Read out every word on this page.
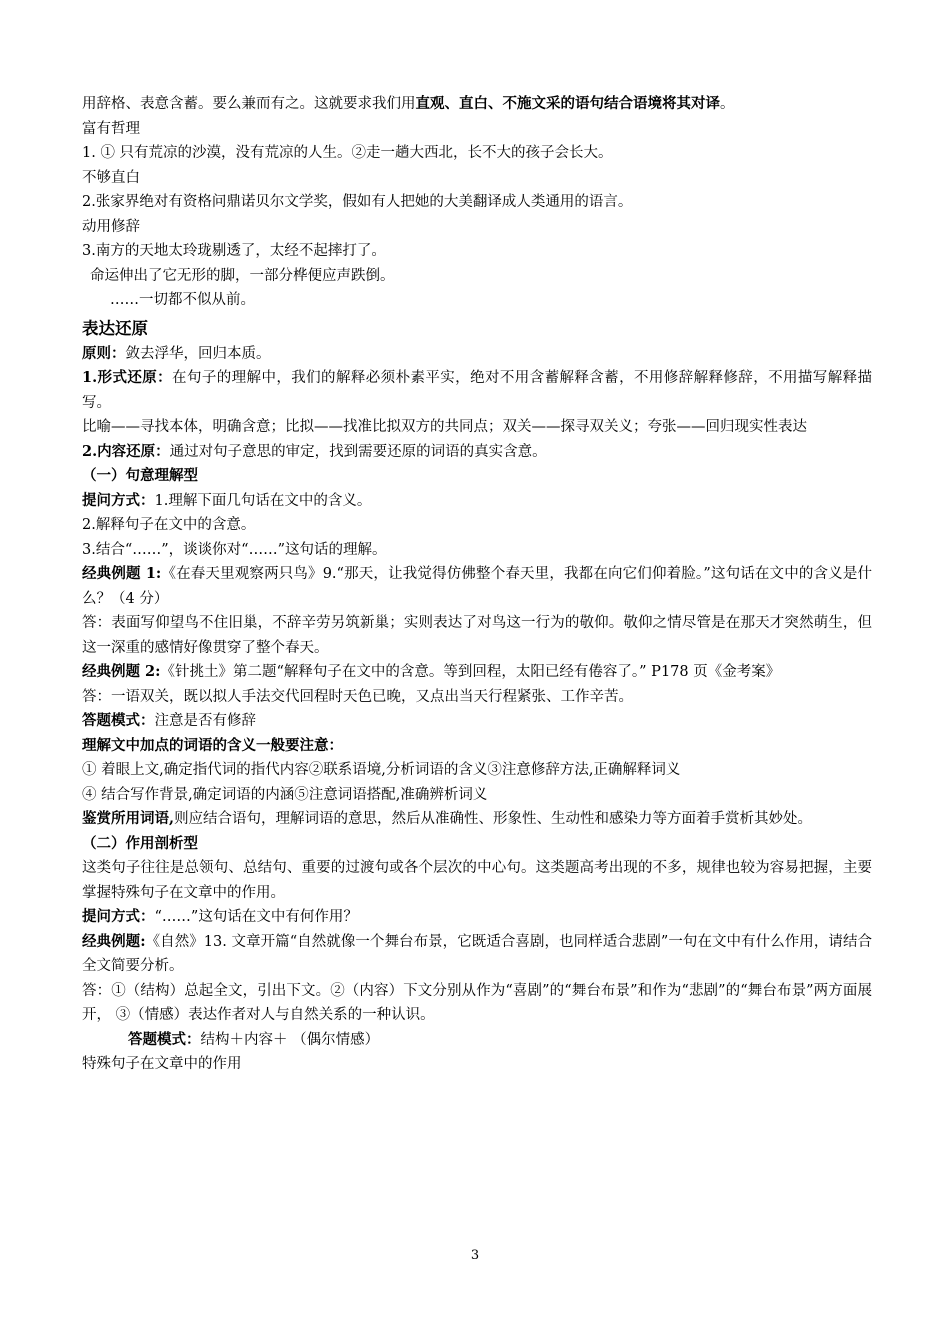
用辞格、表意含蓄。要么兼而有之。这就要求我们用直观、直白、不施文采的语句结合语境将其对译。

富有哲理

1. ① 只有荒凉的沙漠，没有荒凉的人生。②走一趟大西北，长不大的孩子会长大。

不够直白

2.张家界绝对有资格问鼎诺贝尔文学奖，假如有人把她的大美翻译成人类通用的语言。

动用修辞

3.南方的天地太玲珑剔透了，太经不起摔打了。

命运伸出了它无形的脚，一部分桦便应声跌倒。

……一切都不似从前。

表达还原

原则：敛去浮华，回归本质。

1.形式还原：在句子的理解中，我们的解释必须朴素平实，绝对不用含蓄解释含蓄，不用修辞解释修辞，不用描写解释描写。

比喻——寻找本体，明确含意；比拟——找准比拟双方的共同点；双关——探寻双关义；夸张——回归现实性表达

2.内容还原：通过对句子意思的审定，找到需要还原的词语的真实含意。

（一）句意理解型

提问方式：1.理解下面几句话在文中的含义。

2.解释句子在文中的含意。

3.结合“……”，谈谈你对“……”这句话的理解。

经典例题 1:《在春天里观察两只鸟》9.“那天，让我觉得仿佛整个春天里，我都在向它们仰着脸。”这句话在文中的含义是什么？（4 分）

答：表面写仰望鸟不住旧巢，不辞辛劳另筑新巢；实则表达了对鸟这一行为的敬仰。敬仰之情尽管是在那天才突然萌生，但这一深重的感情好像贯穿了整个春天。

经典例题 2:《针挑土》第二题“解释句子在文中的含意。等到回程，太阳已经有倦容了。” P178 页《金考案》

答：一语双关，既以拟人手法交代回程时天色已晚，又点出当天行程紧张、工作辛苦。

答题模式：注意是否有修辞

理解文中加点的词语的含义一般要注意：

① 着眼上文,确定指代词的指代内容②联系语境,分析词语的含义③注意修辞方法,正确解释词义

④ 结合写作背景,确定词语的内涵⑤注意词语搭配,准确辨析词义

鉴赏所用词语,则应结合语句，理解词语的意思，然后从准确性、形象性、生动性和感染力等方面着手赏析其妙处。

（二）作用剖析型

这类句子往往是总领句、总结句、重要的过渡句或各个层次的中心句。这类题高考出现的不多，规律也较为容易把握，主要掌握特殊句子在文章中的作用。

提问方式：“……”这句话在文中有何作用？

经典例题:《自然》13. 文章开篇“自然就像一个舞台布景，它既适合喜剧，也同样适合悲剧”一句在文中有什么作用，请结合全文简要分析。

答：①（结构）总起全文，引出下文。②（内容）下文分别从作为“喜剧”的“舞台布景”和作为“悲剧”的“舞台布景”两方面展开， ③（情感）表达作者对人与自然关系的一种认识。

答题模式：结构＋内容＋ （偶尔情感）

特殊句子在文章中的作用

3
